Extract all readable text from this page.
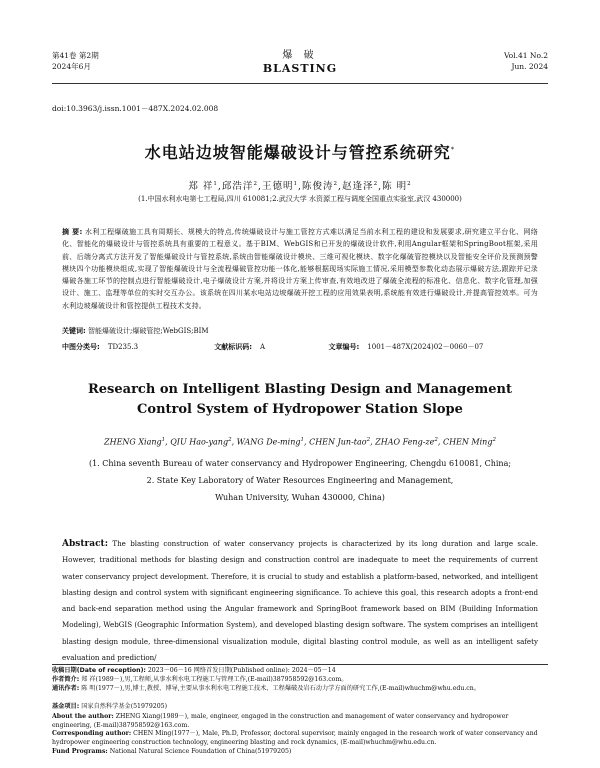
第41卷 第2期
2024年6月
爆 破
BLASTING
Vol.41 No.2
Jun. 2024
doi:10.3963/j.issn.1001－487X.2024.02.008
水电站边坡智能爆破设计与管控系统研究*
郑 祥$^1$,邱浩洋$^2$,王德明$^1$,陈俊涛$^2$,赵逢泽$^2$,陈 明$^2$
(1.中国水利水电第七工程局,四川 610081;2.武汉大学 水资源工程与调度全国重点实验室,武汉 430000)
摘 要: 水利工程爆破施工具有周期长、规模大的特点,传统爆破设计与施工管控方式难以满足当前水利工程的建设和发展要求,研究建立平台化、网络化、智能化的爆破设计与管控系统具有重要的工程意义。基于BIM、WebGIS和已开发的爆破设计软件,利用Angular框架和SpringBoot框架,采用前、后端分离式方法开发了智能爆破设计与管控系统,系统由智能爆破设计模块、三维可视化模块、数字化爆破管控模块以及智能安全评价及预测预警模块四个功能模块组成,实现了智能爆破设计与全流程爆破管控功能一体化,能够根据现场实际施工情况,采用模型参数化动态展示爆破方法,跟踪并记录爆破各施工环节的控制点进行智能爆破设计,电子爆破设计方案,并将设计方案上传审查,有效地改进了爆破全流程的标准化、信息化、数字化管理,加强设计、施工、监理等单位的实时交互办公。该系统在四川某水电站边坡爆破开挖工程的应用效果表明,系统能有效进行爆破设计,并提高管控效率。可为水利边坡爆破设计和管控提供工程技术支持。
关键词: 智能爆破设计;爆破管控;WebGIS;BIM
中图分类号: TD235.3	文献标识码: A	文章编号: 1001－487X(2024)02－0060－07
Research on Intelligent Blasting Design and Management
Control System of Hydropower Station Slope
ZHENG Xiang$^1$, QIU Hao-yang$^2$, WANG De-ming$^1$, CHEN Jun-tao$^2$, ZHAO Feng-$ze^2$, CHEN Ming$^2$
(1. China seventh Bureau of water conservancy and Hydropower Engineering, Chengdu 610081, China;
2. State Key Laboratory of Water Resources Engineering and Management,
Wuhan University, Wuhan 430000, China)
Abstract: The blasting construction of water conservancy projects is characterized by its long duration and large scale. However, traditional methods for blasting design and construction control are inadequate to meet the requirements of current water conservancy project development. Therefore, it is crucial to study and establish a platform-based, networked, and intelligent blasting design and control system with significant engineering significance. To achieve this goal, this research adopts a front-end and back-end separation method using the Angular framework and SpringBoot framework based on BIM (Building Information Modeling), WebGIS (Geographic Information System), and developed blasting design software. The system comprises an intelligent blasting design module, three-dimensional visualization module, digital blasting control module, as well as an intelligent safety evaluation and prediction/
收稿日期(Date of reception): 2023－06－16 网络首发日期(Published online): 2024－05－14
作者简介: 郑 祥(1989－),男,工程师,从事水利水电工程施工与管理工作,(E-mail)387958592@163.com。
通讯作者: 陈 明(1977－),男,博士,教授、博导,主要从事水利水电工程施工技术、工程爆破及岩石动力学方面的研究工作,(E-mail)whuchm@whu.edu.cn。
基金项目: 国家自然科学基金(51979205)
About the author: ZHENG Xiang(1989－), male, engineer, engaged in the construction and management of water conservancy and hydropower engineering, (E-mail)387958592@163.com.
Corresponding author: CHEN Ming(1977－), Male, Ph.D, Professor, doctoral supervisor, mainly engaged in the research work of water conservancy and hydropower engineering construction technology, engineering blasting and rock dynamics, (E-mail)whuchm@whu.edu.cn.
Fund Programs: National Natural Science Foundation of China(51979205)
